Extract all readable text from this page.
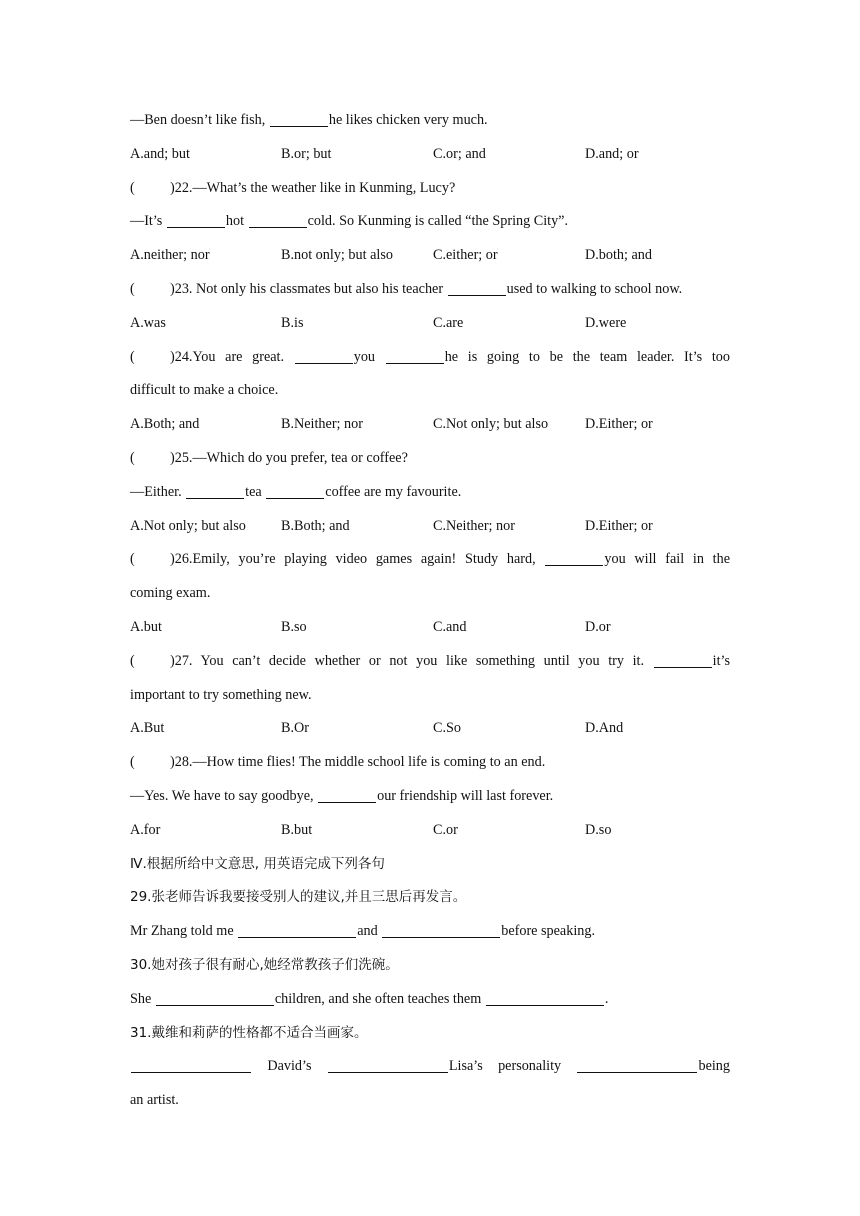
—Ben doesn’t like fish,	he likes chicken very much.
A.and; but	B.or; but	C.or; and	D.and; or
( )22.—What’s the weather like in Kunming, Lucy?
—It’s	hot	cold. So Kunming is called “the Spring City”.
A.neither; nor	B.not only; but also	C.either; or	D.both; and
( )23. Not only his classmates but also his teacher	used to walking to school now.
A.was	B.is	C.are	D.were
( )24.You are great.	you	he is going to be the team leader. It’s too
difficult to make a choice.
A.Both; and	B.Neither; nor	C.Not only; but also	D.Either; or
( )25.—Which do you prefer, tea or coffee?
—Either.	tea	coffee are my favourite.
A.Not only; but also B.Both; and	C.Neither; nor	D.Either; or
( )26.Emily, you’re playing video games again! Study hard,	you will fail in the
coming exam.
A.but	B.so	C.and	D.or
( )27. You can’t decide whether or not you like something until you try it.	it’s
important to try something new.
A.But	B.Or	C.So	D.And
( )28.—How time flies! The middle school life is coming to an end.
—Yes. We have to say goodbye,	our friendship will last forever.
A.for	B.but	C.or	D.so
Ⅳ.根据所给中文意思, 用英语完成下列各句
29.张老师告诉我要接受别人的建议,并且三思后再发言。
Mr Zhang told me	and	before speaking.
30.她对孩子很有耐心,她经常教孩子们洗碗。
She	children, and she often teaches them	.
31.戴维和莉萨的性格都不适合当画家。
David’s	Lisa’s personality	being
an artist.
